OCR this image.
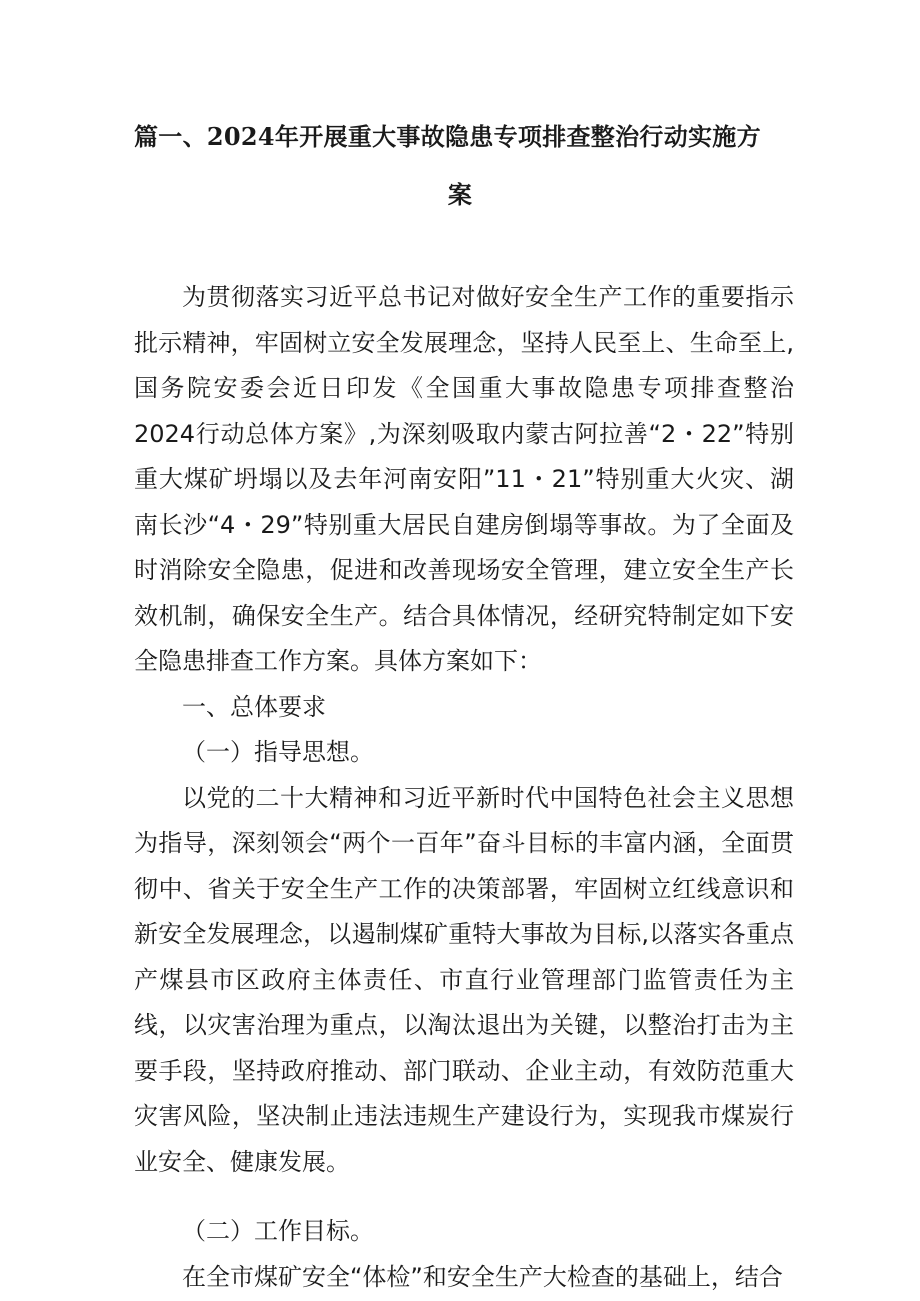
篇一、2024年开展重大事故隐患专项排查整治行动实施方
案

为贯彻落实习近平总书记对做好安全生产工作的重要指示批示精神，牢固树立安全发展理念，坚持人民至上、生命至上,国务院安委会近日印发《全国重大事故隐患专项排查整治2024行动总体方案》,为深刻吸取内蒙古阿拉善“2・22”特别重大煤矿坍塌以及去年河南安阳”11・21”特别重大火灾、湖南长沙“4・29”特别重大居民自建房倒塌等事故。为了全面及时消除安全隐患，促进和改善现场安全管理，建立安全生产长效机制，确保安全生产。结合具体情况，经研究特制定如下安全隐患排查工作方案。具体方案如下：

一、总体要求

（一）指导思想。

以党的二十大精神和习近平新时代中国特色社会主义思想为指导，深刻领会“两个一百年”奋斗目标的丰富内涵，全面贯彻中、省关于安全生产工作的决策部署，牢固树立红线意识和新安全发展理念，以遏制煤矿重特大事故为目标,以落实各重点产煤县市区政府主体责任、市直行业管理部门监管责任为主线，以灾害治理为重点，以淘汰退出为关键，以整治打击为主要手段，坚持政府推动、部门联动、企业主动，有效防范重大灾害风险，坚决制止违法违规生产建设行为，实现我市煤炭行业安全、健康发展。

（二）工作目标。

在全市煤矿安全“体检”和安全生产大检查的基础上，结合
